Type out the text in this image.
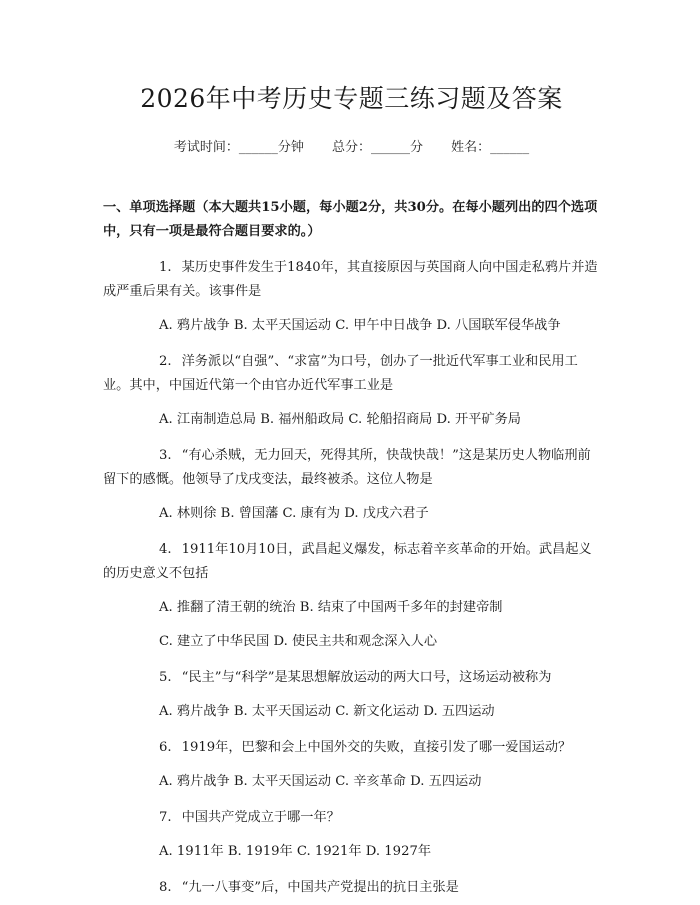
2026年中考历史专题三练习题及答案
考试时间：______分钟 总分：______分 姓名：______
一、单项选择题（本大题共15小题，每小题2分，共30分。在每小题列出的四个选项中，只有一项是最符合题目要求的。）
1. 某历史事件发生于1840年，其直接原因与英国商人向中国走私鸦片并造成严重后果有关。该事件是
A. 鸦片战争 B. 太平天国运动 C. 甲午中日战争 D. 八国联军侵华战争
2. 洋务派以“自强”、“求富”为口号，创办了一批近代军事工业和民用工业。其中，中国近代第一个由官办近代军事工业是
A. 江南制造总局 B. 福州船政局 C. 轮船招商局 D. 开平矿务局
3. “有心杀贼，无力回天，死得其所，快哉快哉！”这是某历史人物临刑前留下的感慨。他领导了戊戌变法，最终被杀。这位人物是
A. 林则徐 B. 曾国藩 C. 康有为 D. 戊戌六君子
4. 1911年10月10日，武昌起义爆发，标志着辛亥革命的开始。武昌起义的历史意义不包括
A. 推翻了清王朝的统治 B. 结束了中国两千多年的封建帝制
C. 建立了中华民国 D. 使民主共和观念深入人心
5. “民主”与“科学”是某思想解放运动的两大口号，这场运动被称为
A. 鸦片战争 B. 太平天国运动 C. 新文化运动 D. 五四运动
6. 1919年，巴黎和会上中国外交的失败，直接引发了哪一爱国运动？
A. 鸦片战争 B. 太平天国运动 C. 辛亥革命 D. 五四运动
7. 中国共产党成立于哪一年？
A. 1911年 B. 1919年 C. 1921年 D. 1927年
8. “九一八事变”后，中国共产党提出的抗日主张是
